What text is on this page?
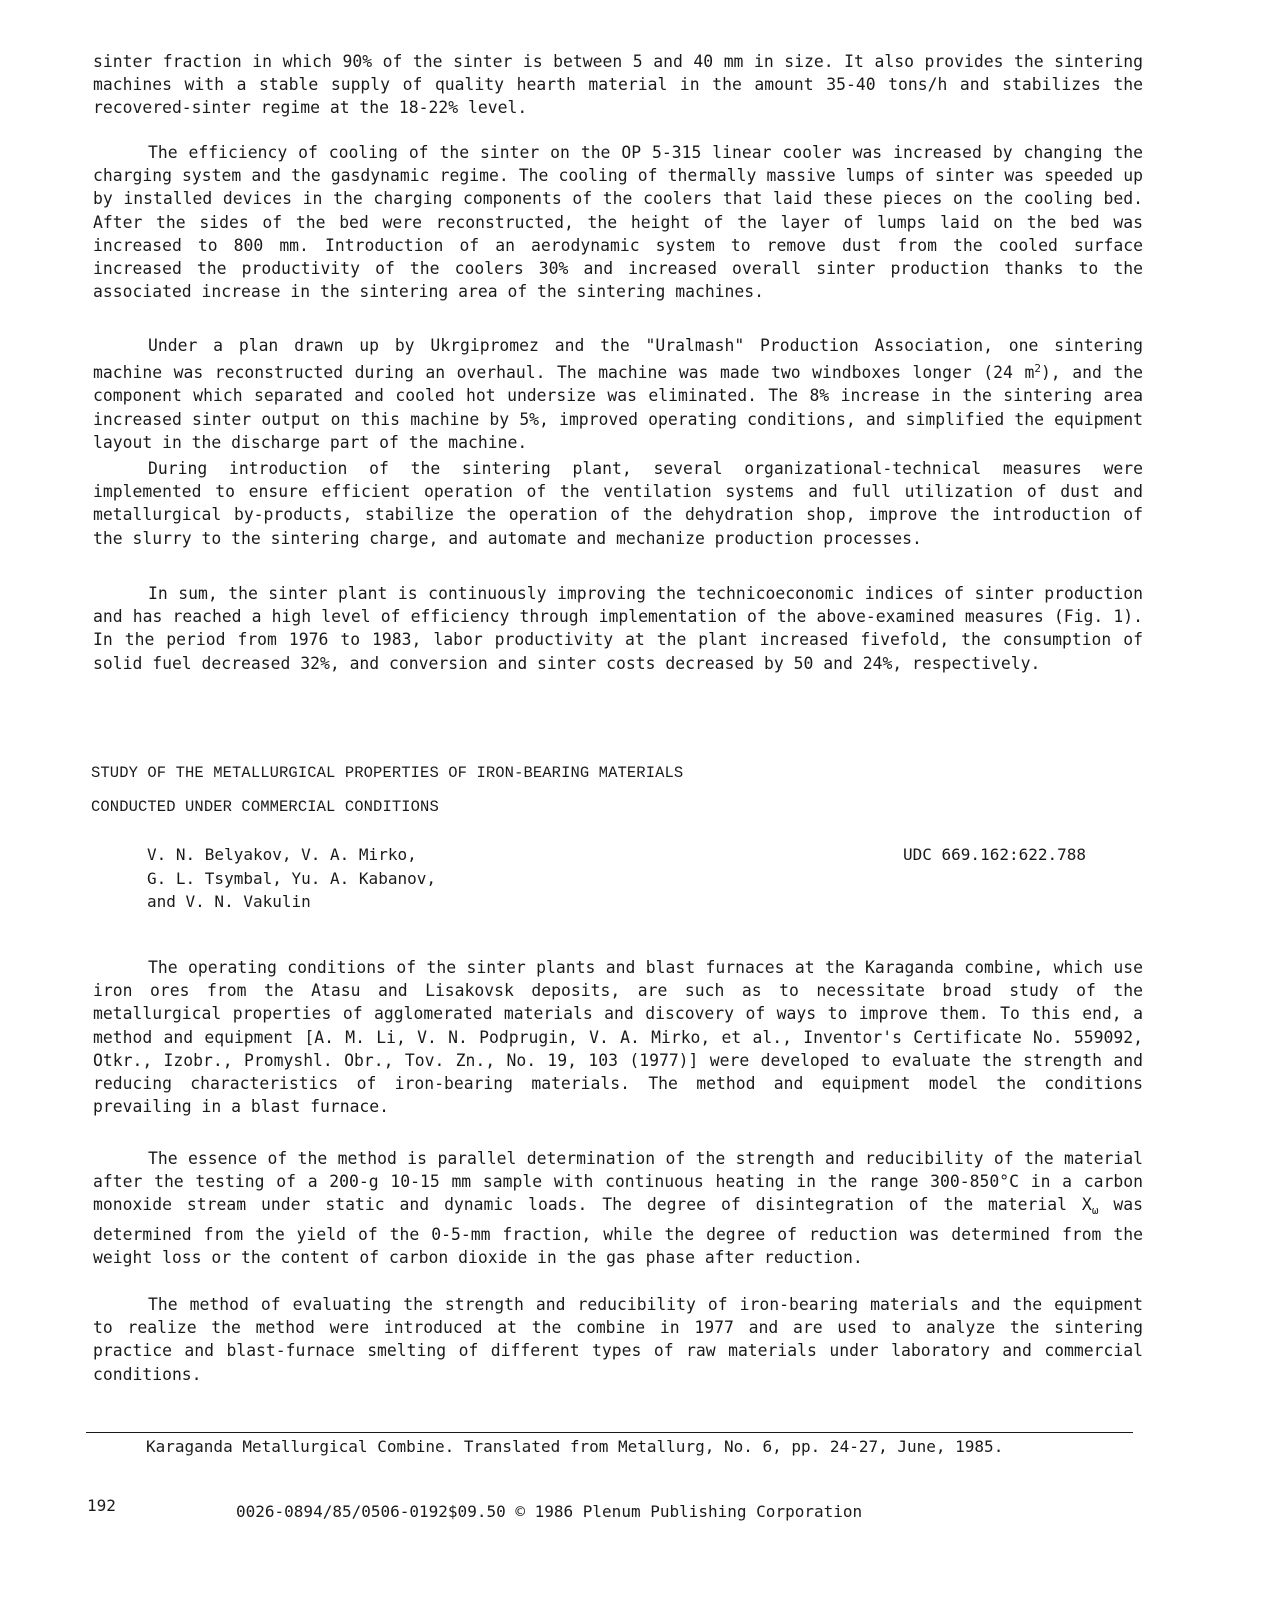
sinter fraction in which 90% of the sinter is between 5 and 40 mm in size. It also provides the sintering machines with a stable supply of quality hearth material in the amount 35-40 tons/h and stabilizes the recovered-sinter regime at the 18-22% level.

The efficiency of cooling of the sinter on the OP 5-315 linear cooler was increased by changing the charging system and the gasdynamic regime. The cooling of thermally massive lumps of sinter was speeded up by installed devices in the charging components of the coolers that laid these pieces on the cooling bed. After the sides of the bed were reconstructed, the height of the layer of lumps laid on the bed was increased to 800 mm. Introduction of an aerodynamic system to remove dust from the cooled surface increased the productivity of the coolers 30% and increased overall sinter production thanks to the associated increase in the sintering area of the sintering machines.

Under a plan drawn up by Ukrgipromez and the "Uralmash" Production Association, one sintering machine was reconstructed during an overhaul. The machine was made two windboxes longer (24 $m^2$), and the component which separated and cooled hot undersize was eliminated. The 8% increase in the sintering area increased sinter output on this machine by 5%, improved operating conditions, and simplified the equipment layout in the discharge part of the machine.

During introduction of the sintering plant, several organizational-technical measures were implemented to ensure efficient operation of the ventilation systems and full utilization of dust and metallurgical by-products, stabilize the operation of the dehydration shop, improve the introduction of the slurry to the sintering charge, and automate and mechanize production processes.

In sum, the sinter plant is continuously improving the technicoeconomic indices of sinter production and has reached a high level of efficiency through implementation of the above-examined measures (Fig. 1). In the period from 1976 to 1983, labor productivity at the plant increased fivefold, the consumption of solid fuel decreased 32%, and conversion and sinter costs decreased by 50 and 24%, respectively.

STUDY OF THE METALLURGICAL PROPERTIES OF IRON-BEARING MATERIALS
CONDUCTED UNDER COMMERCIAL CONDITIONS
V. N. Belyakov, V. A. Mirko,
G. L. Tsymbal, Yu. A. Kabanov,
and V. N. Vakulin
UDC 669.162:622.788

The operating conditions of the sinter plants and blast furnaces at the Karaganda combine, which use iron ores from the Atasu and Lisakovsk deposits, are such as to necessitate broad study of the metallurgical properties of agglomerated materials and discovery of ways to improve them. To this end, a method and equipment [A. M. Li, V. N. Podprugin, V. A. Mirko, et al., Inventor's Certificate No. 559092, Otkr., Izobr., Promyshl. Obr., Tov. Zn., No. 19, 103 (1977)] were developed to evaluate the strength and reducing characteristics of iron-bearing materials. The method and equipment model the conditions prevailing in a blast furnace.

The essence of the method is parallel determination of the strength and reducibility of the material after the testing of a 200-g 10-15 mm sample with continuous heating in the range 300-850°C in a carbon monoxide stream under static and dynamic loads. The degree of disintegration of the material $X_\omega$ was determined from the yield of the 0-5-mm fraction, while the degree of reduction was determined from the weight loss or the content of carbon dioxide in the gas phase after reduction.

The method of evaluating the strength and reducibility of iron-bearing materials and the equipment to realize the method were introduced at the combine in 1977 and are used to analyze the sintering practice and blast-furnace smelting of different types of raw materials under laboratory and commercial conditions.

Karaganda Metallurgical Combine. Translated from Metallurg, No. 6, pp. 24-27, June, 1985.
192	0026-0894/85/0506-0192$09.50 © 1986 Plenum Publishing Corporation
